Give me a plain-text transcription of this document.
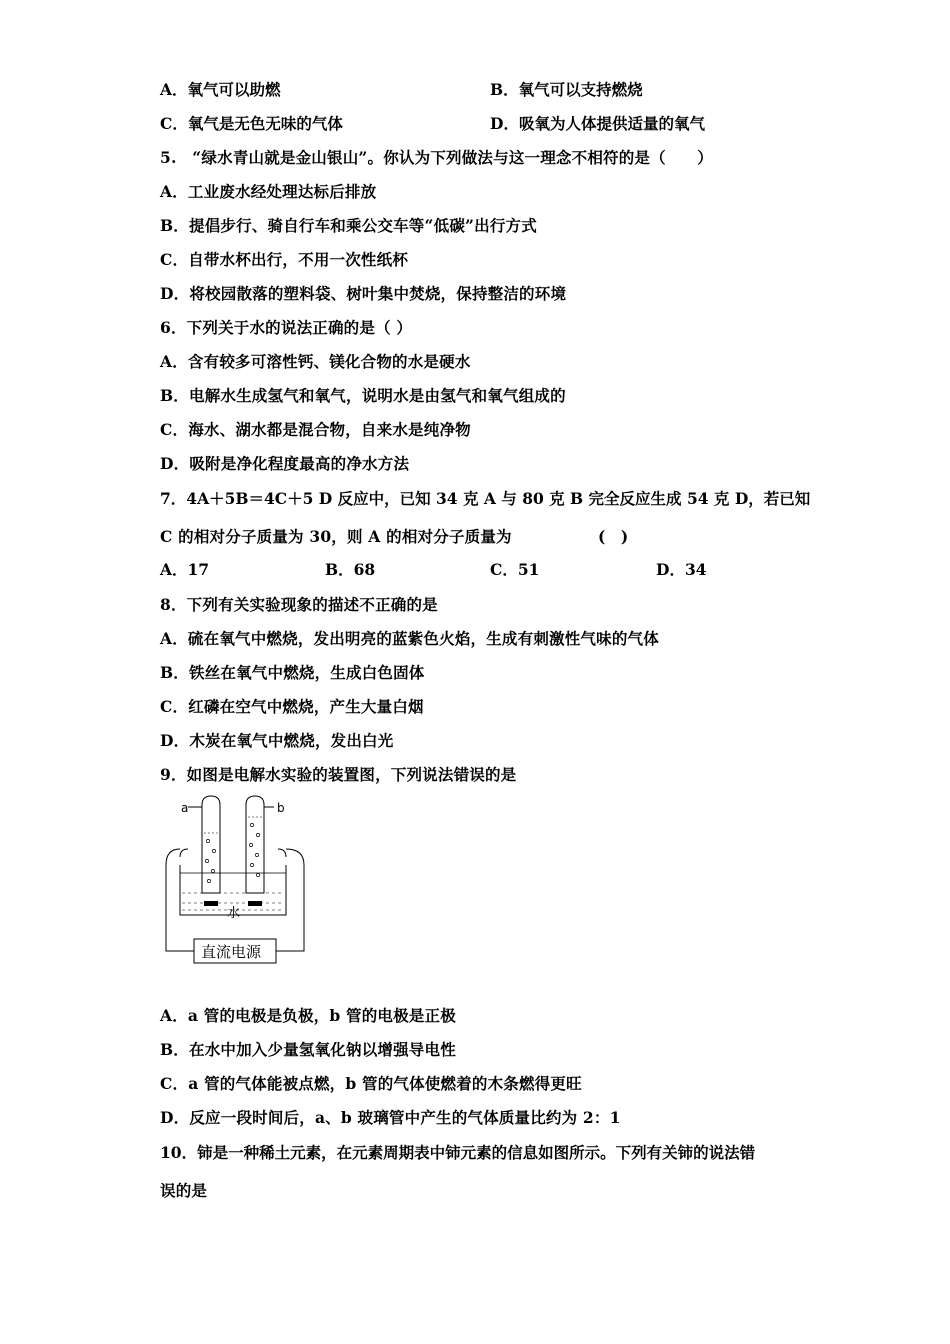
A．氧气可以助燃	B．氧气可以支持燃烧
C．氧气是无色无味的气体	D．吸氧为人体提供适量的氧气
5.　“绿水青山就是金山银山”。你认为下列做法与这一理念不相符的是（　　）
A．工业废水经处理达标后排放
B．提倡步行、骑自行车和乘公交车等“低碳”出行方式
C．自带水杯出行，不用一次性纸杯
D．将校园散落的塑料袋、树叶集中焚烧，保持整洁的环境
6．下列关于水的说法正确的是（ ）
A．含有较多可溶性钙、镁化合物的水是硬水
B．电解水生成氢气和氧气，说明水是由氢气和氧气组成的
C．海水、湖水都是混合物，自来水是纯净物
D．吸附是净化程度最高的净水方法
7．4A＋5B＝4C＋5 D 反应中，已知 34 克 A 与 80 克 B 完全反应生成 54 克 D，若已知
C 的相对分子质量为 30，则 A 的相对分子质量为	(　)
A．17	B．68	C．51	D．34
8．下列有关实验现象的描述不正确的是
A．硫在氧气中燃烧，发出明亮的蓝紫色火焰，生成有刺激性气味的气体
B．铁丝在氧气中燃烧，生成白色固体
C．红磷在空气中燃烧，产生大量白烟
D．木炭在氧气中燃烧，发出白光
9．如图是电解水实验的装置图，下列说法错误的是
a	b
水
直流电源
A．a 管的电极是负极，b 管的电极是正极
B．在水中加入少量氢氧化钠以增强导电性
C．a 管的气体能被点燃，b 管的气体使燃着的木条燃得更旺
D．反应一段时间后，a、b 玻璃管中产生的气体质量比约为 2：1
10．铈是一种稀土元素，在元素周期表中铈元素的信息如图所示。下列有关铈的说法错
误的是
